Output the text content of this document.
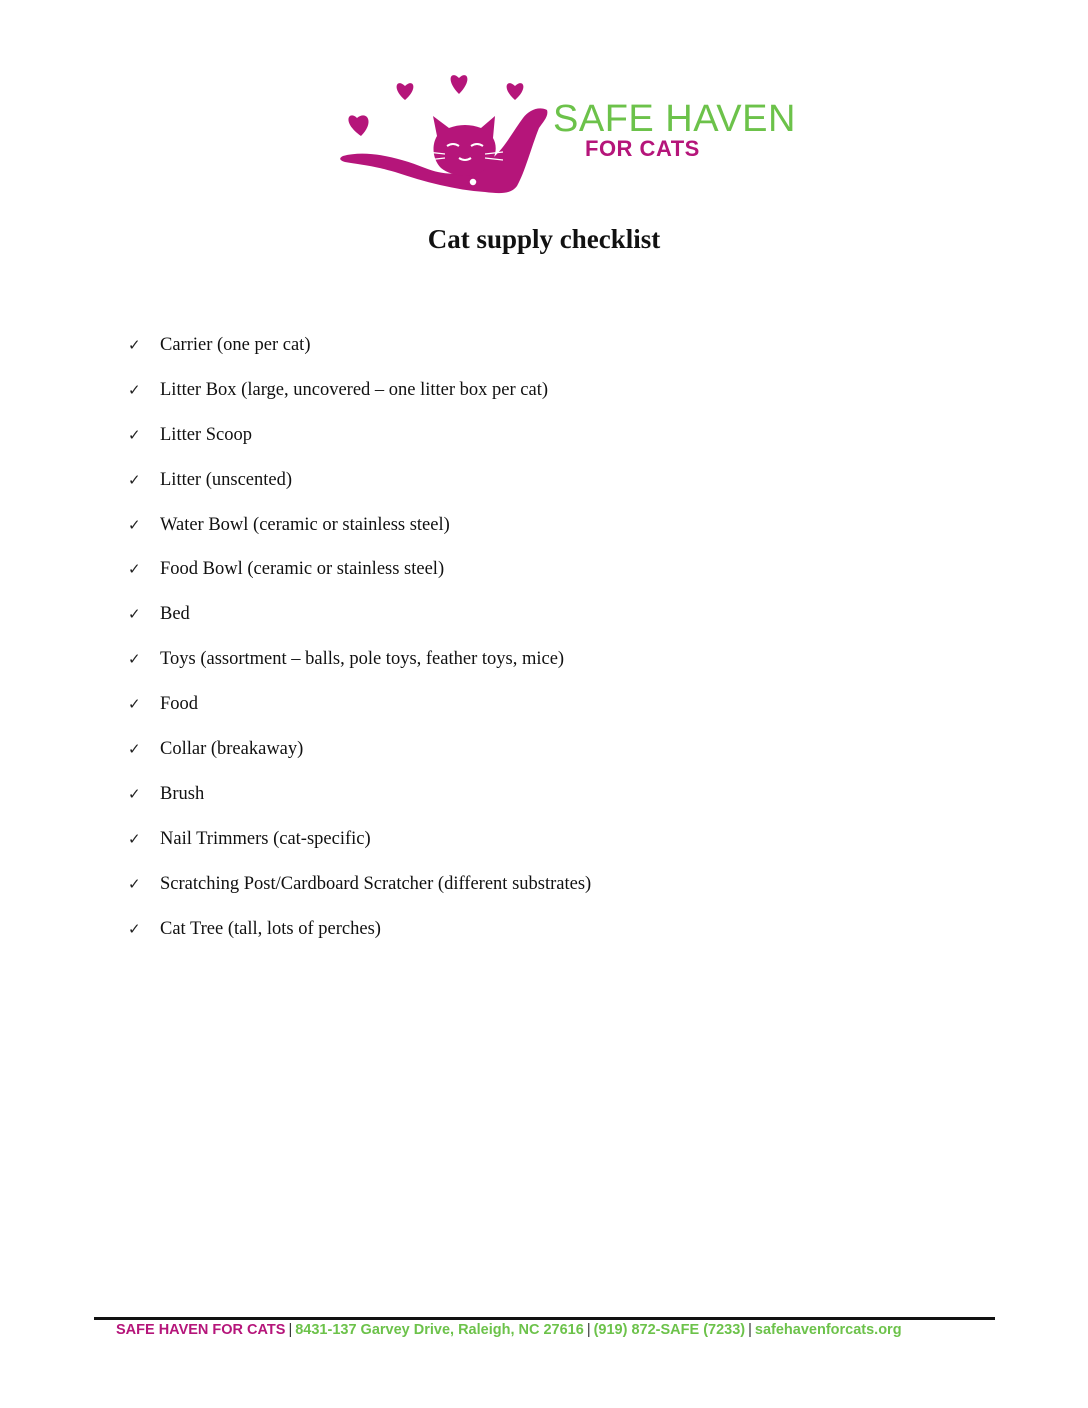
SAFE HAVEN
FOR CATS
Cat supply checklist
✓	Carrier (one per cat)
✓	Litter Box (large, uncovered – one litter box per cat)
✓	Litter Scoop
✓	Litter (unscented)
✓	Water Bowl (ceramic or stainless steel)
✓	Food Bowl (ceramic or stainless steel)
✓	Bed
✓	Toys (assortment – balls, pole toys, feather toys, mice)
✓	Food
✓	Collar (breakaway)
✓	Brush
✓	Nail Trimmers (cat-specific)
✓	Scratching Post/Cardboard Scratcher (different substrates)
✓	Cat Tree (tall, lots of perches)
SAFE HAVEN FOR CATS | 8431-137 Garvey Drive, Raleigh, NC 27616 | (919) 872-SAFE (7233) | safehavenforcats.org
